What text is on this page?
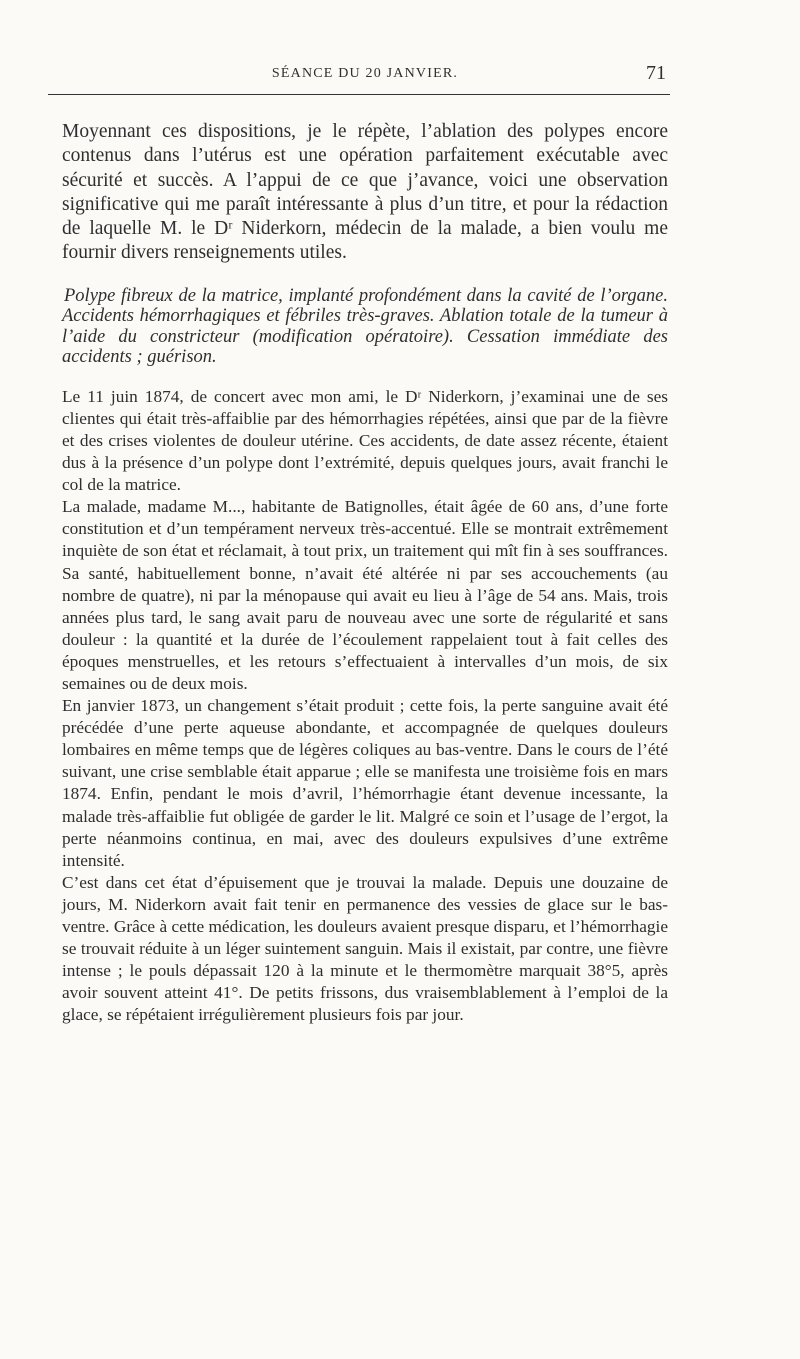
SÉANCE DU 20 JANVIER.	71

Moyennant ces dispositions, je le répète, l’ablation des polypes encore contenus dans l’utérus est une opération parfaitement exécutable avec sécurité et succès. A l’appui de ce que j’avance, voici une observation significative qui me paraît intéressante à plus d’un titre, et pour la rédaction de laquelle M. le Dʳ Niderkorn, médecin de la malade, a bien voulu me fournir divers renseignements utiles.

Polype fibreux de la matrice, implanté profondément dans la cavité de l’organe. Accidents hémorrhagiques et fébriles très-graves. Ablation totale de la tumeur à l’aide du constricteur (modification opératoire). Cessation immédiate des accidents ; guérison.

Le 11 juin 1874, de concert avec mon ami, le Dʳ Niderkorn, j’examinai une de ses clientes qui était très-affaiblie par des hémorrhagies répétées, ainsi que par de la fièvre et des crises violentes de douleur utérine. Ces accidents, de date assez récente, étaient dus à la présence d’un polype dont l’extrémité, depuis quelques jours, avait franchi le col de la matrice.

La malade, madame M..., habitante de Batignolles, était âgée de 60 ans, d’une forte constitution et d’un tempérament nerveux très-accentué. Elle se montrait extrêmement inquiète de son état et réclamait, à tout prix, un traitement qui mît fin à ses souffrances. Sa santé, habituellement bonne, n’avait été altérée ni par ses accouchements (au nombre de quatre), ni par la ménopause qui avait eu lieu à l’âge de 54 ans. Mais, trois années plus tard, le sang avait paru de nouveau avec une sorte de régularité et sans douleur : la quantité et la durée de l’écoulement rappelaient tout à fait celles des époques menstruelles, et les retours s’effectuaient à intervalles d’un mois, de six semaines ou de deux mois.

En janvier 1873, un changement s’était produit ; cette fois, la perte sanguine avait été précédée d’une perte aqueuse abondante, et accompagnée de quelques douleurs lombaires en même temps que de légères coliques au bas-ventre. Dans le cours de l’été suivant, une crise semblable était apparue ; elle se manifesta une troisième fois en mars 1874. Enfin, pendant le mois d’avril, l’hémorrhagie étant devenue incessante, la malade très-affaiblie fut obligée de garder le lit. Malgré ce soin et l’usage de l’ergot, la perte néanmoins continua, en mai, avec des douleurs expulsives d’une extrême intensité.

C’est dans cet état d’épuisement que je trouvai la malade. Depuis une douzaine de jours, M. Niderkorn avait fait tenir en permanence des vessies de glace sur le bas-ventre. Grâce à cette médication, les douleurs avaient presque disparu, et l’hémorrhagie se trouvait réduite à un léger suintement sanguin. Mais il existait, par contre, une fièvre intense ; le pouls dépassait 120 à la minute et le thermomètre marquait 38°5, après avoir souvent atteint 41°. De petits frissons, dus vraisemblablement à l’emploi de la glace, se répétaient irrégulièrement plusieurs fois par jour.
